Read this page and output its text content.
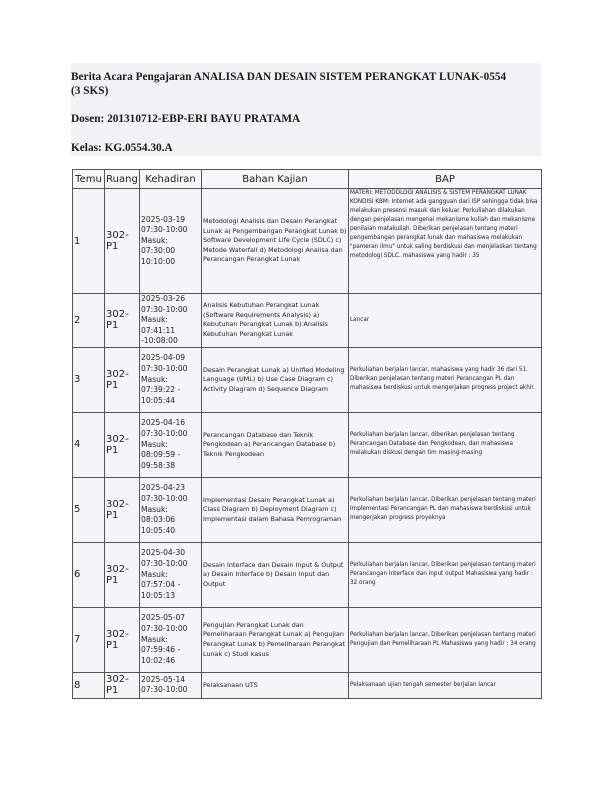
Berita Acara Pengajaran ANALISA DAN DESAIN SISTEM PERANGKAT LUNAK-0554
(3 SKS)
Dosen: 201310712-EBP-ERI BAYU PRATAMA
Kelas: KG.0554.30.A
Temu	Ruang	Kehadiran	Bahan Kajian	BAP
1	302-P1	2025-03-19 07:30-10:00 Masuk: 07:30:00 10:10:00	Metodologi Analisis dan Desain Perangkat Lunak a) Pengembangan Perangkat Lunak b) Software Development Life Cycle (SDLC) c) Metode Waterfall d) Metodologi Analisa dan Perancangan Perangkat Lunak	MATERI: METODOLOGI ANALISIS & SISTEM PERANGKAT LUNAK KONDISI KBM: Internet ada gangguan dari ISP sehingga tidak bisa melakukan presensi masuk dan keluar. Perkuliahan dilakukan dengan penjelasan mengenai mekanisme kuliah dan mekanisme penilaian matakuliah. Diberikan penjelasan tentang materi pengembangan perangkat lunak dan mahasiswa melakukan "pameran ilmu" untuk saling berdiskusi dan menjelaskan tentang metodologi SDLC. mahasiswa yang hadir : 35
2	302-P1	2025-03-26 07:30-10:00 Masuk: 07:41:11 -10:08:00	Analisis Kebutuhan Perangkat Lunak (Software Requirements Analysis) a) Kebutuhan Perangkat Lunak b) Analisis Kebutuhan Perangkat Lunak	Lancar
3	302-P1	2025-04-09 07:30-10:00 Masuk: 07:39:22 - 10:05:44	Desain Perangkat Lunak a) Unified Modeling Language (UML) b) Use Case Diagram c) Activity Diagram d) Sequence Diagram	Perkuliahan berjalan lancar, mahasiswa yang hadir 36 dari 51. Diberikan penjelasan tentang materi Perancangan PL dan mahasiswa berdiskusi untuk mengerjakan progress project akhir.
4	302-P1	2025-04-16 07:30-10:00 Masuk: 08:09:59 - 09:58:38	Perancangan Database dan Teknik Pengkodean a) Perancangan Database b) Teknik Pengkodean	Perkuliahan berjalan lancar, diberikan penjelasan tentang Perancangan Database dan Pengkodean, dan mahasiswa melakukan diskusi dengan tim masing-masing
5	302-P1	2025-04-23 07:30-10:00 Masuk: 08:03:06 10:05:40	Implementasi Desain Perangkat Lunak a) Class Diagram b) Deployment Diagram c) Implementasi dalam Bahasa Pemrograman	Perkuliahan berjalan lancar, Diberikan penjelasan tentang materi Implementasi Perancangan PL dan mahasiswa berdiskusi untuk mengerjakan progress proyeknya
6	302-P1	2025-04-30 07:30-10:00 Masuk: 07:57:04 - 10:05:13	Desain Interface dan Desain Input & Output a) Desain Interface b) Desain Input dan Output	Perkuliahan berjalan lancar, Diberikan penjelasan tentang materi Perancangan Interface dan input output Mahasiswa yang hadir : 32 orang
7	302-P1	2025-05-07 07:30-10:00 Masuk: 07:59:46 - 10:02:46	Pengujian Perangkat Lunak dan Pemeliharaan Perangkat Lunak a) Pengujian Perangkat Lunak b) Pemeliharaan Perangkat Lunak c) Studi kasus	Perkuliahan berjalan lancar, Diberikan penjelasan tentang materi Pengujian dan Pemeliharaan PL Mahasiswa yang hadir : 34 orang
8	302-P1	2025-05-14 07:30-10:00	Pelaksanaan UTS	Pelaksanaan ujian tengah semester berjalan lancar
